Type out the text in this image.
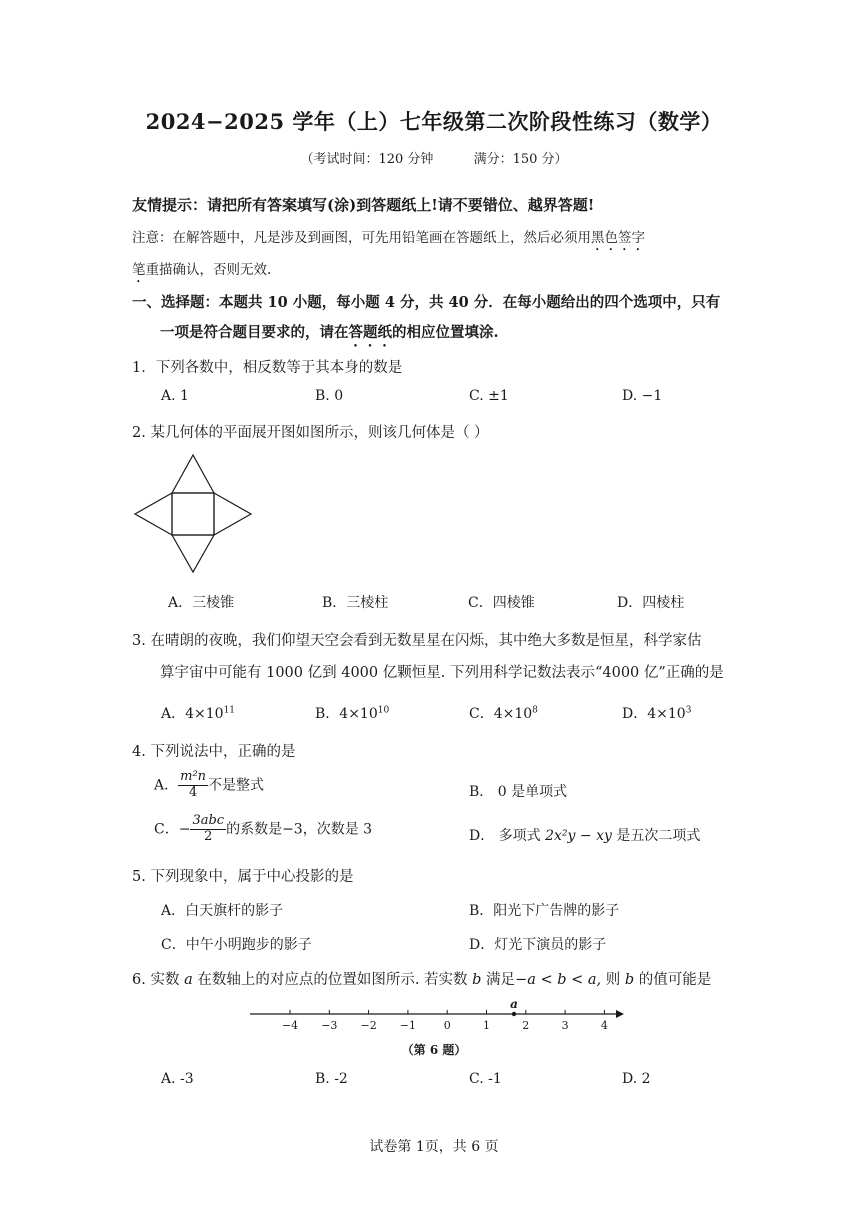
2024−2025 学年（上）七年级第二次阶段性练习（数学）
（考试时间：120 分钟	满分：150 分）
友情提示：请把所有答案填写(涂)到答题纸上!请不要错位、越界答题!
注意：在解答题中，凡是涉及到画图，可先用铅笔画在答题纸上，然后必须用黑色签字
笔重描确认，否则无效.
一、选择题：本题共 10 小题，每小题 4 分，共 40 分．在每小题给出的四个选项中，只有
一项是符合题目要求的，请在答题纸的相应位置填涂.
1．下列各数中，相反数等于其本身的数是
A. 1	B. 0	C. ±1	D. −1
2. 某几何体的平面展开图如图所示，则该几何体是（ ）
A．三棱锥	B．三棱柱	C．四棱锥	D．四棱柱
3. 在晴朗的夜晚，我们仰望天空会看到无数星星在闪烁，其中绝大多数是恒星，科学家估
算宇宙中可能有 1000 亿到 4000 亿颗恒星. 下列用科学记数法表示“4000 亿”正确的是
A．$4\times 10^{11}$	B．$4\times 10^{10}$	C．$4\times 10^8$	D．$4\times 10^3$
4. 下列说法中，正确的是
A． $\frac{\text{m²n}}{4}$ 不是整式	B． 0 是单项式
C．− $\frac{\text{3abc}}{2}$ 的系数是−3，次数是 3	D． 多项式 2x²y − xy 是五次二项式
5. 下列现象中，属于中心投影的是
A．白天旗杆的影子	B．阳光下广告牌的影子
C．中午小明跑步的影子	D．灯光下演员的影子
6. 实数 a 在数轴上的对应点的位置如图所示. 若实数 b 满足−a < b < a, 则 b 的值可能是
−4 −3 −2 −1	0	1	2	3	4
a
（第 6 题）
A. -3	B. -2	C. -1	D. 2
试卷第 1页，共 6 页
